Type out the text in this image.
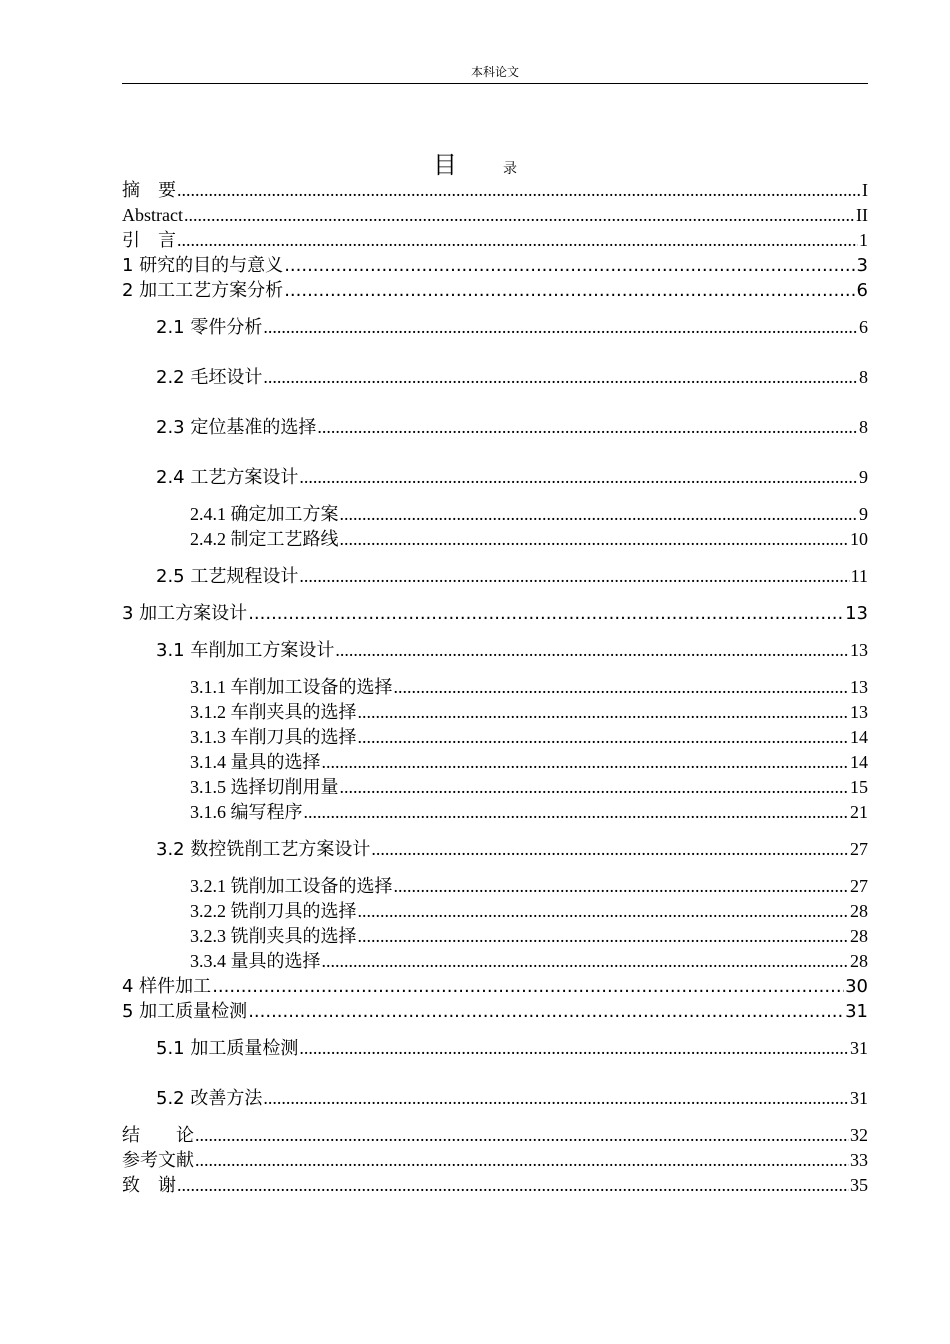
本科论文
目	录
摘　要 .....	I
Abstract .....	II
引　言 .....	1
1 研究的目的与意义 .....	3
2 加工工艺方案分析 .....	6
2.1 零件分析 .....	6
2.2 毛坯设计 .....	8
2.3 定位基准的选择 .....	8
2.4 工艺方案设计 .....	9
2.4.1 确定加工方案 .....	9
2.4.2 制定工艺路线 .....	10
2.5 工艺规程设计 .....	11
3 加工方案设计 .....	13
3.1 车削加工方案设计 .....	13
3.1.1 车削加工设备的选择 .....	13
3.1.2 车削夹具的选择 .....	13
3.1.3 车削刀具的选择 .....	14
3.1.4 量具的选择 .....	14
3.1.5 选择切削用量 .....	15
3.1.6 编写程序 .....	21
3.2 数控铣削工艺方案设计 .....	27
3.2.1 铣削加工设备的选择 .....	27
3.2.2 铣削刀具的选择 .....	28
3.2.3 铣削夹具的选择 .....	28
3.3.4 量具的选择 .....	28
4 样件加工 .....	30
5 加工质量检测 .....	31
5.1 加工质量检测 .....	31
5.2 改善方法 .....	31
结　　论 .....	32
参考文献 .....	33
致　谢 .....	35
